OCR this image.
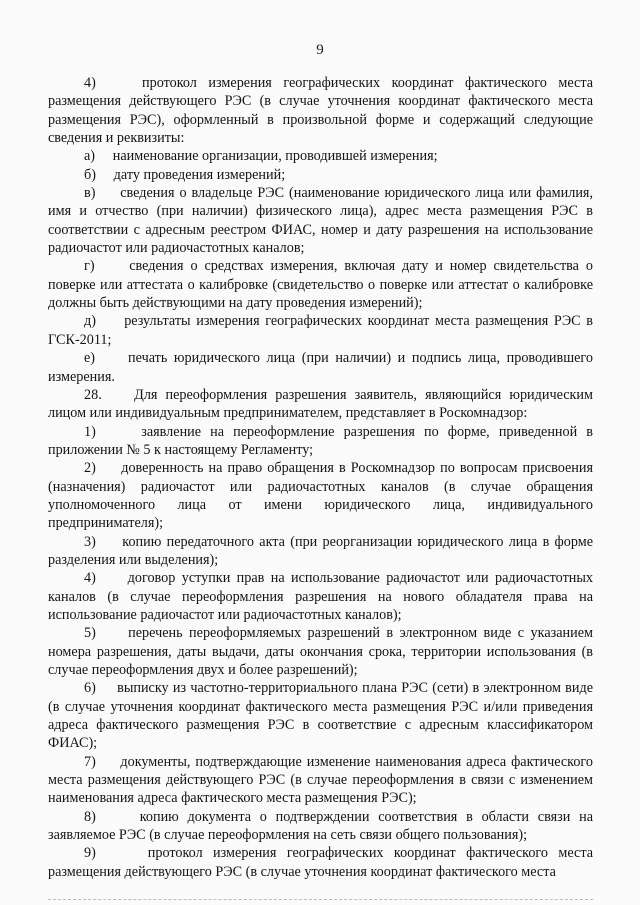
9

4)    протокол измерения географических координат фактического места размещения действующего РЭС (в случае уточнения координат фактического места размещения РЭС), оформленный в произвольной форме и содержащий следующие сведения и реквизиты:

а)     наименование организации, проводившей измерения;

б)     дату проведения измерений;

в)     сведения о владельце РЭС (наименование юридического лица или фамилия, имя и отчество (при наличии) физического лица), адрес места размещения РЭС в соответствии с адресным реестром ФИАС, номер и дату разрешения на использование радиочастот или радиочастотных каналов;

г)     сведения о средствах измерения, включая дату и номер свидетельства о поверке или аттестата о калибровке (свидетельство о поверке или аттестат о калибровке должны быть действующими на дату проведения измерений);

д)     результаты измерения географических координат места размещения РЭС в ГСК-2011;

е)     печать юридического лица (при наличии) и подпись лица, проводившего измерения.

28.    Для переоформления разрешения заявитель, являющийся юридическим лицом или индивидуальным предпринимателем, представляет в Роскомнадзор:

1)     заявление на переоформление разрешения по форме, приведенной в приложении № 5 к настоящему Регламенту;

2)     доверенность на право обращения в Роскомнадзор по вопросам присвоения (назначения) радиочастот или радиочастотных каналов (в случае обращения уполномоченного лица от имени юридического лица, индивидуального предпринимателя);

3)     копию передаточного акта (при реорганизации юридического лица в форме разделения или выделения);

4)     договор уступки прав на использование радиочастот или радиочастотных каналов (в случае переоформления разрешения на нового обладателя права на использование радиочастот или радиочастотных каналов);

5)     перечень переоформляемых разрешений в электронном виде с указанием номера разрешения, даты выдачи, даты окончания срока, территории использования (в случае переоформления двух и более разрешений);

6)     выписку из частотно-территориального плана РЭС (сети) в электронном виде (в случае уточнения координат фактического места размещения РЭС и/или приведения адреса фактического размещения РЭС в соответствие с адресным классификатором ФИАС);

7)     документы, подтверждающие изменение наименования адреса фактического места размещения действующего РЭС (в случае переоформления в связи с изменением наименования адреса фактического места размещения РЭС);

8)     копию документа о подтверждении соответствия в области связи на заявляемое РЭС (в случае переоформления на сеть связи общего пользования);

9)     протокол измерения географических координат фактического места размещения действующего РЭС (в случае уточнения координат фактического места
